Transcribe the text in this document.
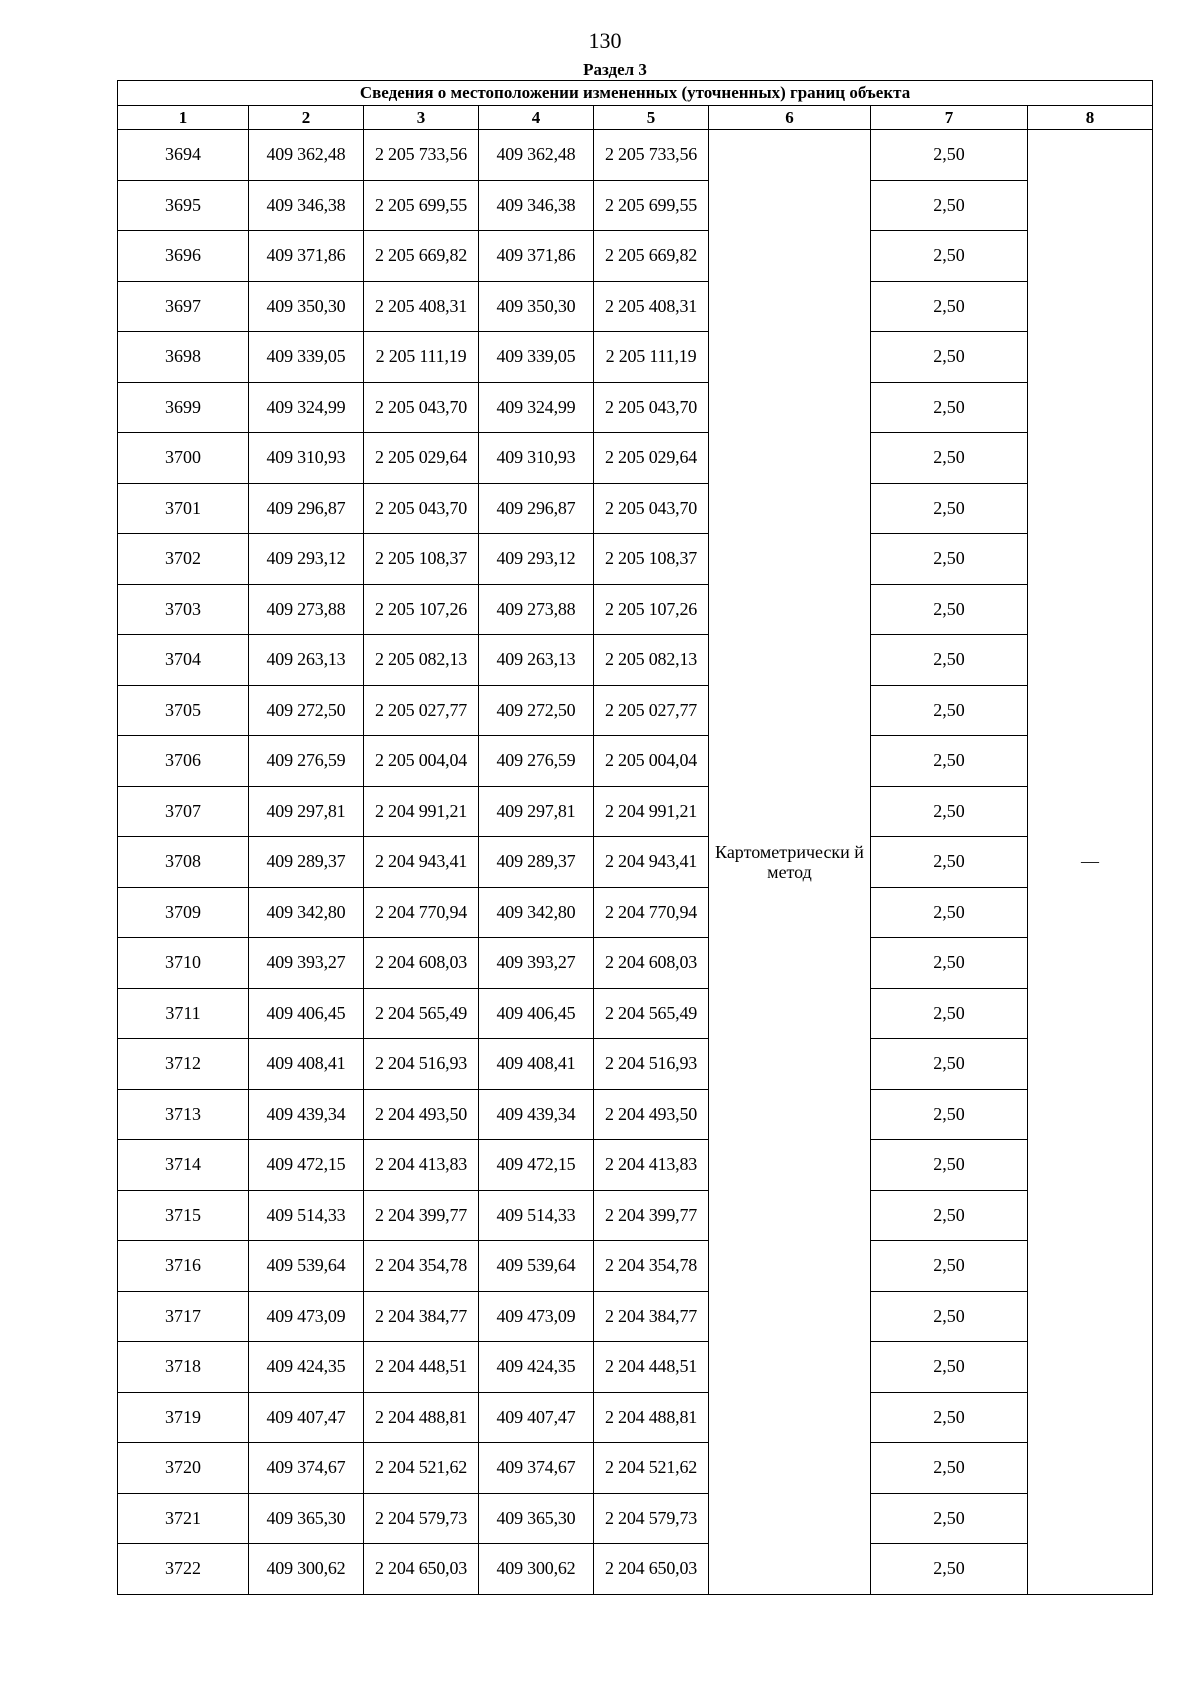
130
Раздел 3
Сведения о местоположении измененных (уточненных) границ объекта							
1	2	3	4	5	6	7	8
3694	409 362,48	2 205 733,56	409 362,48	2 205 733,56	Картометрически й метод	2,50	—
3695	409 346,38	2 205 699,55	409 346,38	2 205 699,55		2,50	
3696	409 371,86	2 205 669,82	409 371,86	2 205 669,82		2,50	
3697	409 350,30	2 205 408,31	409 350,30	2 205 408,31		2,50	
3698	409 339,05	2 205 111,19	409 339,05	2 205 111,19		2,50	
3699	409 324,99	2 205 043,70	409 324,99	2 205 043,70		2,50	
3700	409 310,93	2 205 029,64	409 310,93	2 205 029,64		2,50	
3701	409 296,87	2 205 043,70	409 296,87	2 205 043,70		2,50	
3702	409 293,12	2 205 108,37	409 293,12	2 205 108,37		2,50	
3703	409 273,88	2 205 107,26	409 273,88	2 205 107,26		2,50	
3704	409 263,13	2 205 082,13	409 263,13	2 205 082,13		2,50	
3705	409 272,50	2 205 027,77	409 272,50	2 205 027,77		2,50	
3706	409 276,59	2 205 004,04	409 276,59	2 205 004,04		2,50	
3707	409 297,81	2 204 991,21	409 297,81	2 204 991,21		2,50	
3708	409 289,37	2 204 943,41	409 289,37	2 204 943,41		2,50	
3709	409 342,80	2 204 770,94	409 342,80	2 204 770,94		2,50	
3710	409 393,27	2 204 608,03	409 393,27	2 204 608,03		2,50	
3711	409 406,45	2 204 565,49	409 406,45	2 204 565,49		2,50	
3712	409 408,41	2 204 516,93	409 408,41	2 204 516,93		2,50	
3713	409 439,34	2 204 493,50	409 439,34	2 204 493,50		2,50	
3714	409 472,15	2 204 413,83	409 472,15	2 204 413,83		2,50	
3715	409 514,33	2 204 399,77	409 514,33	2 204 399,77		2,50	
3716	409 539,64	2 204 354,78	409 539,64	2 204 354,78		2,50	
3717	409 473,09	2 204 384,77	409 473,09	2 204 384,77		2,50	
3718	409 424,35	2 204 448,51	409 424,35	2 204 448,51		2,50	
3719	409 407,47	2 204 488,81	409 407,47	2 204 488,81		2,50	
3720	409 374,67	2 204 521,62	409 374,67	2 204 521,62		2,50	
3721	409 365,30	2 204 579,73	409 365,30	2 204 579,73		2,50	
3722	409 300,62	2 204 650,03	409 300,62	2 204 650,03		2,50	
